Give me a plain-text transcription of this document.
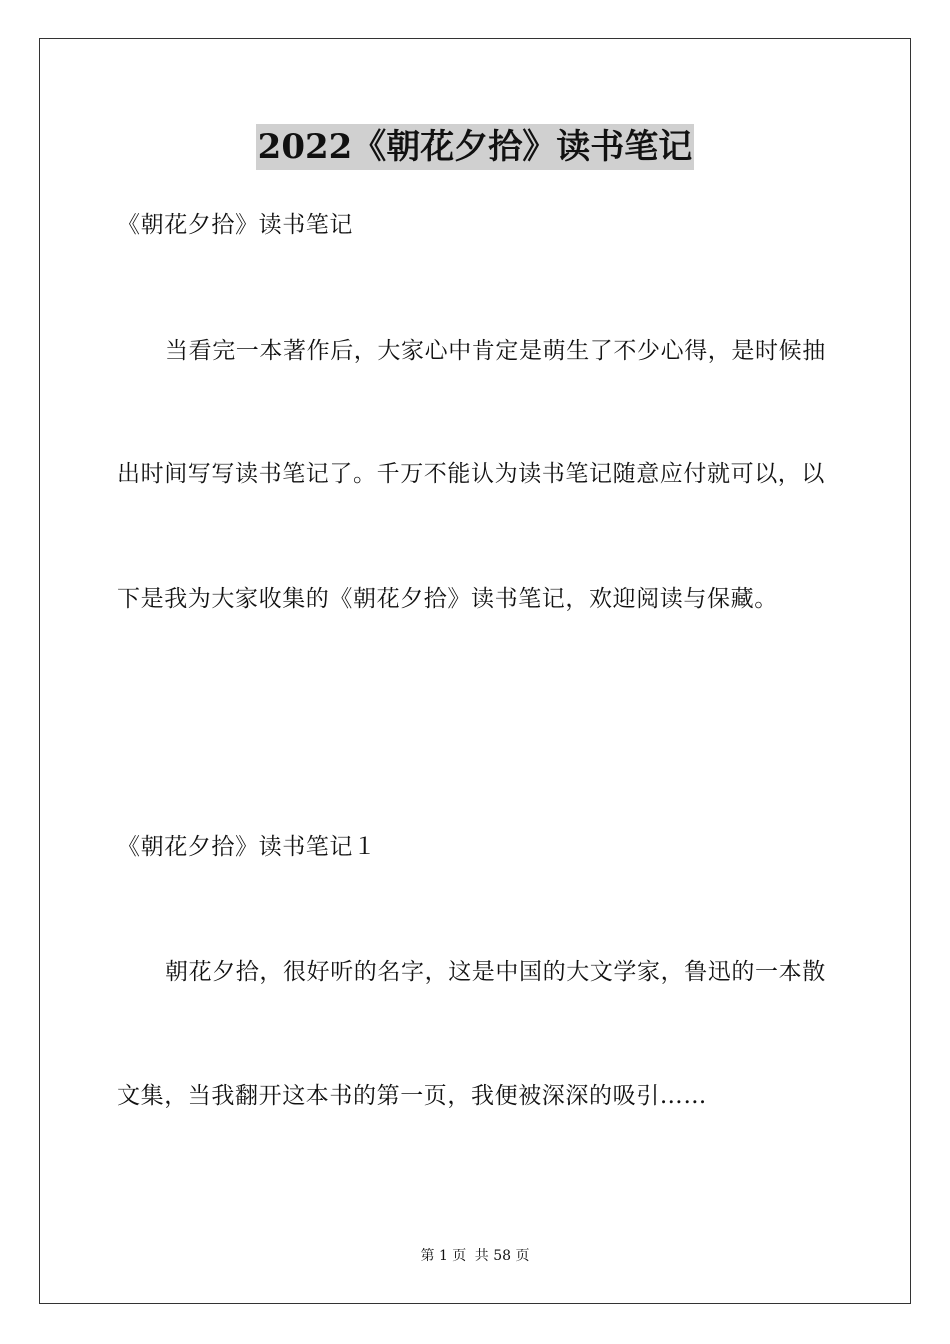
2022《朝花夕拾》读书笔记
《朝花夕拾》读书笔记
当看完一本著作后，大家心中肯定是萌生了不少心得，是时候抽
出时间写写读书笔记了。千万不能认为读书笔记随意应付就可以，以
下是我为大家收集的《朝花夕拾》读书笔记，欢迎阅读与保藏。
《朝花夕拾》读书笔记１
朝花夕拾，很好听的名字，这是中国的大文学家，鲁迅的一本散
文集，当我翻开这本书的第一页，我便被深深的吸引……
第 1 页 共 58 页
